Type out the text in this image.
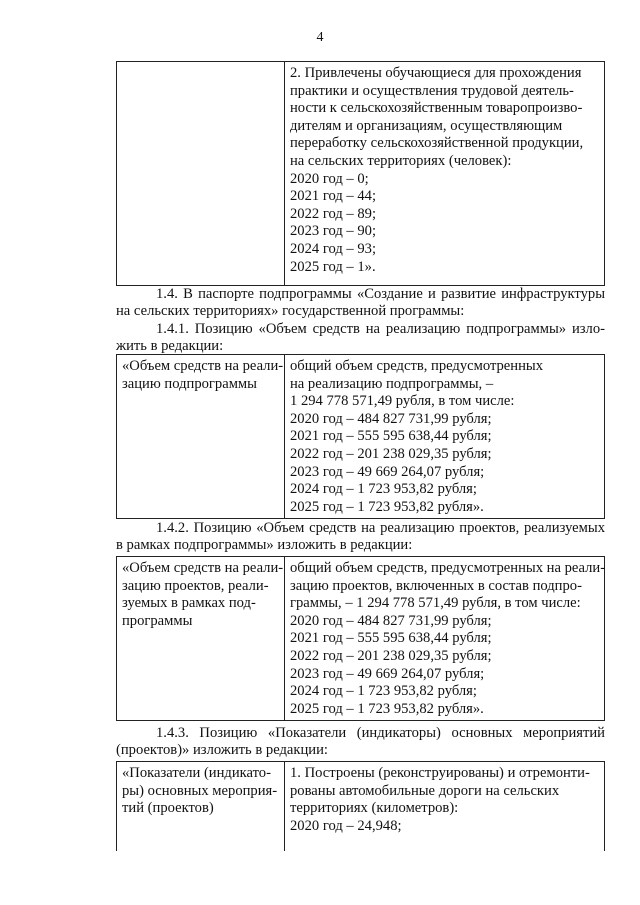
4

2. Привлечены обучающиеся для прохождения
практики и осуществления трудовой деятель-
ности к сельскохозяйственным товаропроизво-
дителям и организациям, осуществляющим
переработку сельскохозяйственной продукции,
на сельских территориях (человек):
2020 год – 0;
2021 год – 44;
2022 год – 89;
2023 год – 90;
2024 год – 93;
2025 год – 1».
1.4. В паспорте подпрограммы «Создание и развитие инфраструктуры
на сельских территориях» государственной программы:
1.4.1. Позицию «Объем средств на реализацию подпрограммы» изло-
жить в редакции:
«Объем средств на реали-
зацию подпрограммы

общий объем средств, предусмотренных
на реализацию подпрограммы, –
1 294 778 571,49 рубля, в том числе:
2020 год – 484 827 731,99 рубля;
2021 год – 555 595 638,44 рубля;
2022 год – 201 238 029,35 рубля;
2023 год – 49 669 264,07 рубля;
2024 год – 1 723 953,82 рубля;
2025 год – 1 723 953,82 рубля».
1.4.2. Позицию «Объем средств на реализацию проектов, реализуемых
в рамках подпрограммы» изложить в редакции:
«Объем средств на реали-
зацию проектов, реали-
зуемых в рамках под-
программы

общий объем средств, предусмотренных на реали-
зацию проектов, включенных в состав подпро-
граммы, – 1 294 778 571,49 рубля, в том числе:
2020 год – 484 827 731,99 рубля;
2021 год – 555 595 638,44 рубля;
2022 год – 201 238 029,35 рубля;
2023 год – 49 669 264,07 рубля;
2024 год – 1 723 953,82 рубля;
2025 год – 1 723 953,82 рубля».
1.4.3. Позицию «Показатели (индикаторы) основных мероприятий
(проектов)» изложить в редакции:
«Показатели (индикато-
ры) основных мероприя-
тий (проектов)

1. Построены (реконструированы) и отремонти-
рованы автомобильные дороги на сельских
территориях (километров):
2020 год – 24,948;
